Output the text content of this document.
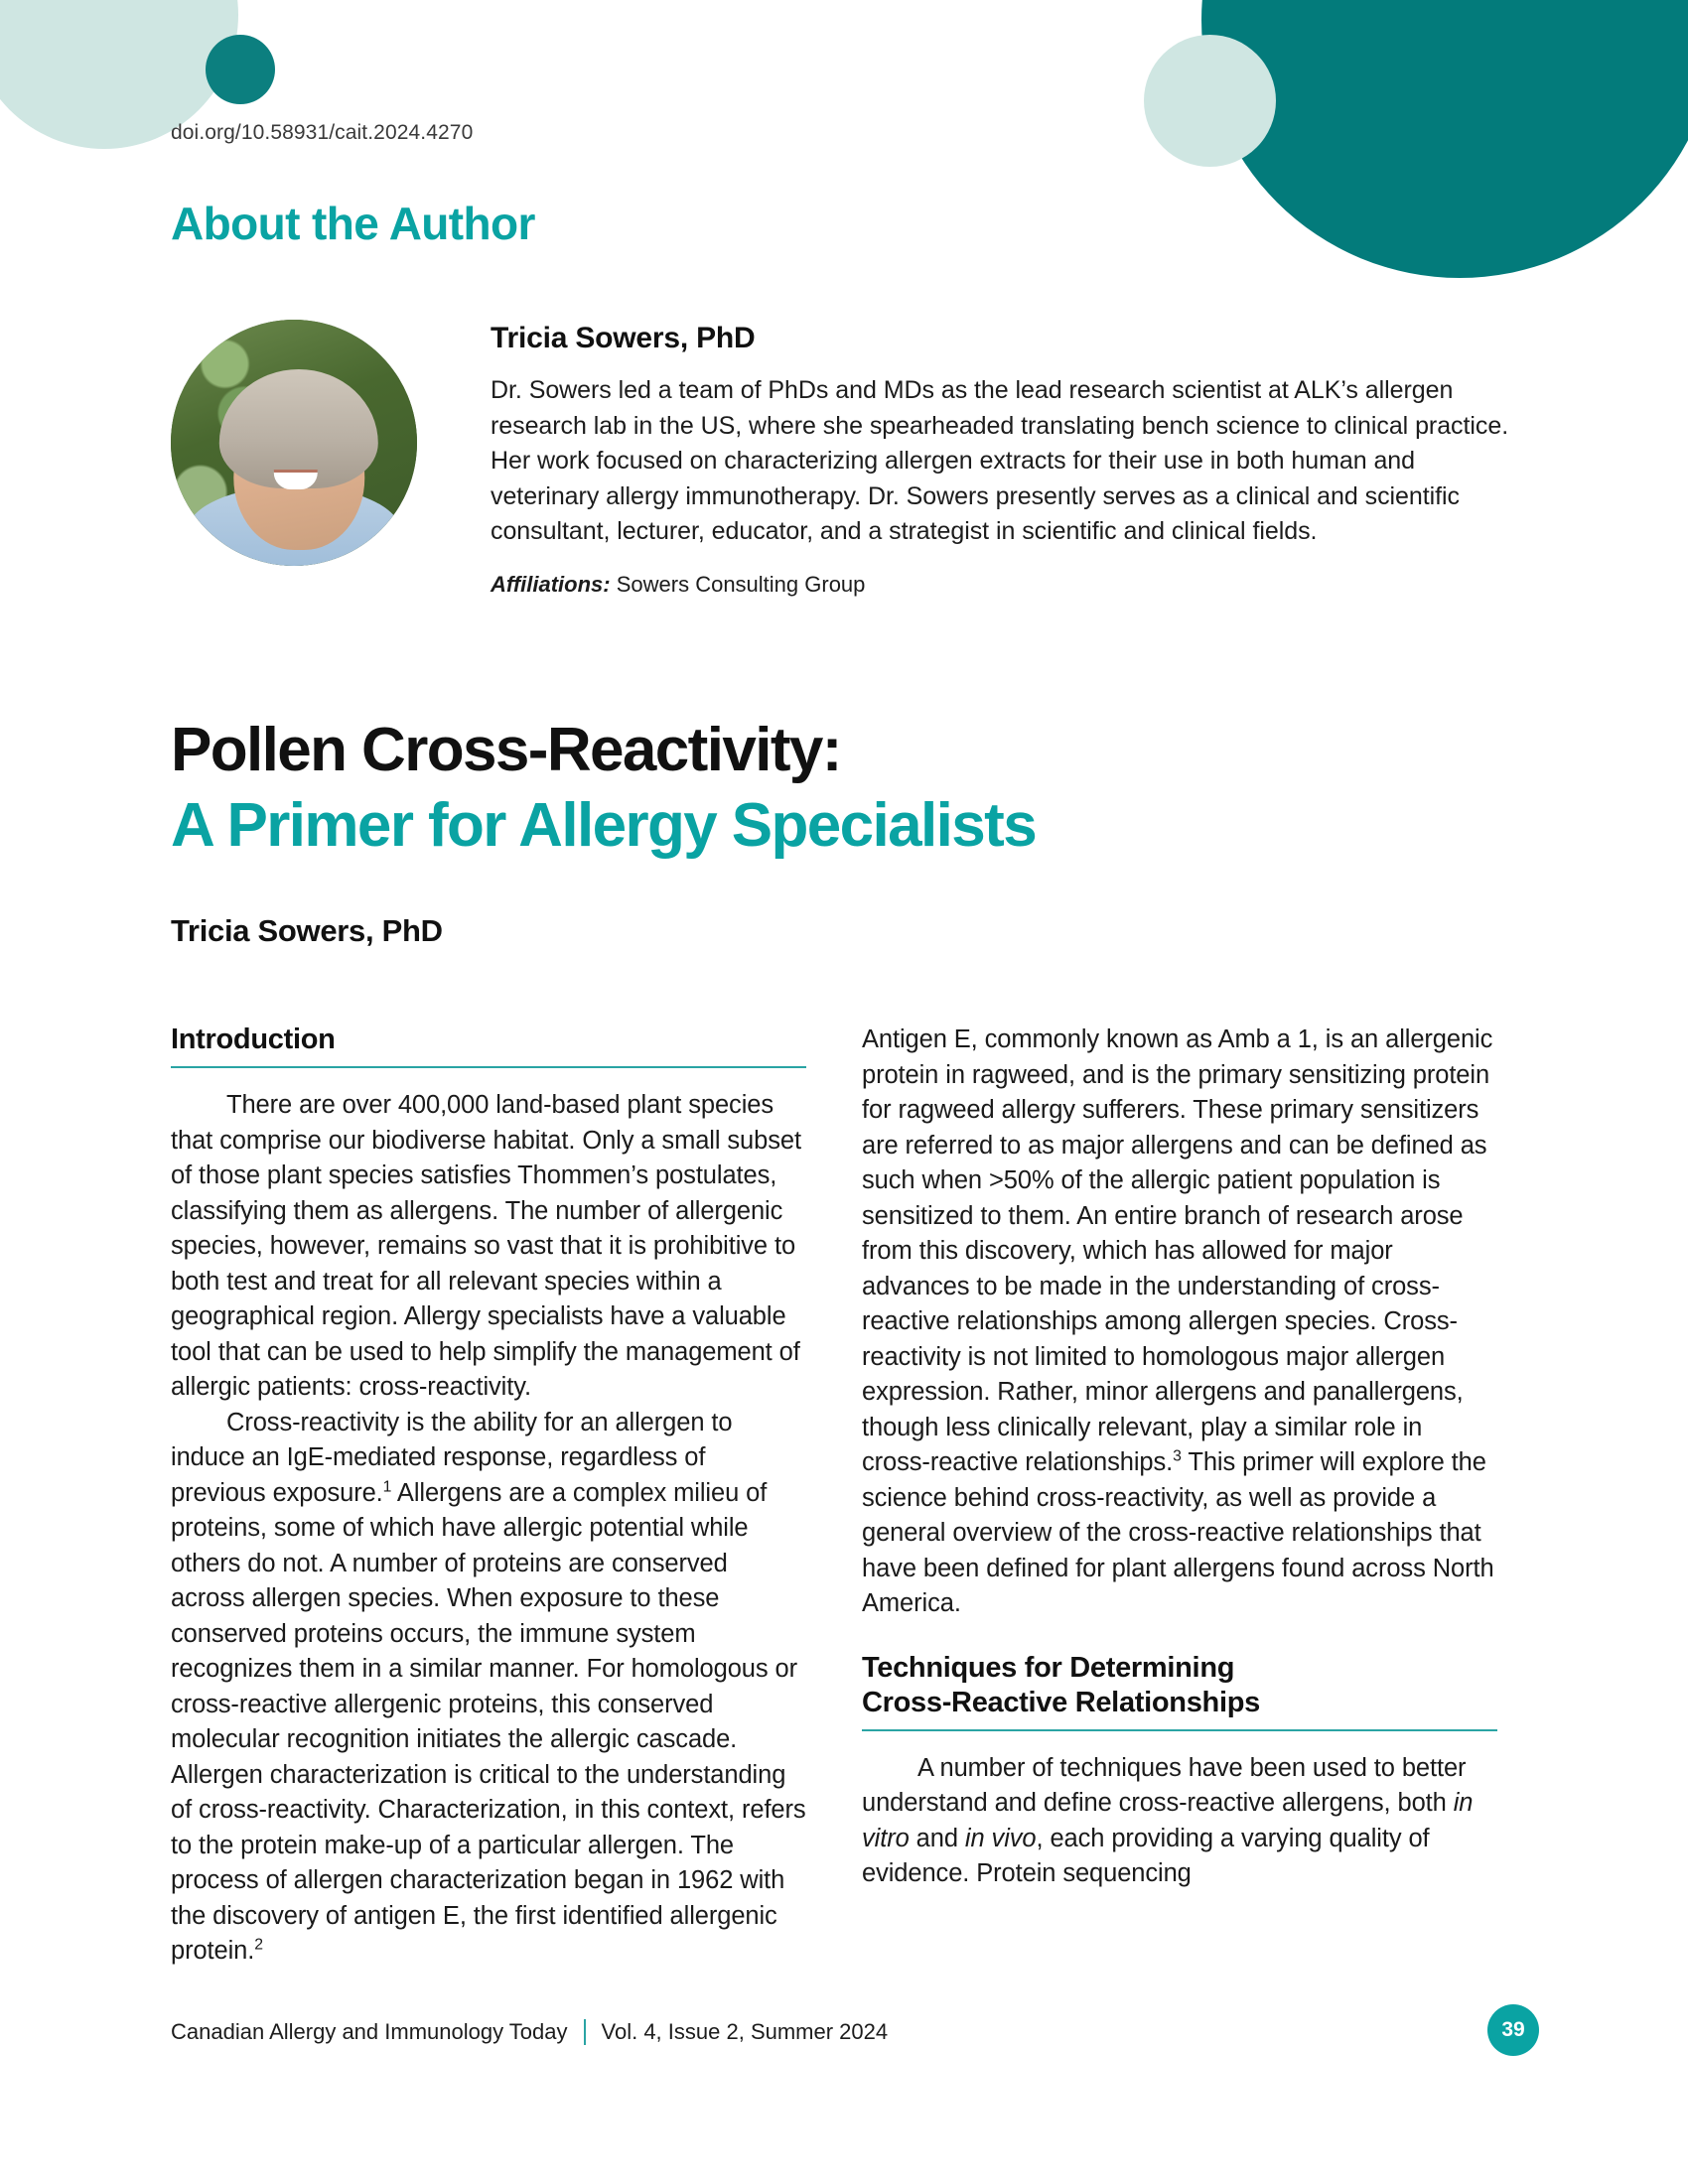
doi.org/10.58931/cait.2024.4270
About the Author
Tricia Sowers, PhD

Dr. Sowers led a team of PhDs and MDs as the lead research scientist at ALK’s allergen research lab in the US, where she spearheaded translating bench science to clinical practice. Her work focused on characterizing allergen extracts for their use in both human and veterinary allergy immunotherapy. Dr. Sowers presently serves as a clinical and scientific consultant, lecturer, educator, and a strategist in scientific and clinical fields.

Affiliations: Sowers Consulting Group
Pollen Cross-Reactivity:
A Primer for Allergy Specialists
Tricia Sowers, PhD
Introduction

There are over 400,000 land-based plant species that comprise our biodiverse habitat. Only a small subset of those plant species satisfies Thommen’s postulates, classifying them as allergens. The number of allergenic species, however, remains so vast that it is prohibitive to both test and treat for all relevant species within a geographical region. Allergy specialists have a valuable tool that can be used to help simplify the management of allergic patients: cross-reactivity.

Cross-reactivity is the ability for an allergen to induce an IgE-mediated response, regardless of previous exposure.$^1$ Allergens are a complex milieu of proteins, some of which have allergic potential while others do not. A number of proteins are conserved across allergen species. When exposure to these conserved proteins occurs, the immune system recognizes them in a similar manner. For homologous or cross-reactive allergenic proteins, this conserved molecular recognition initiates the allergic cascade. Allergen characterization is critical to the understanding of cross-reactivity. Characterization, in this context, refers to the protein make-up of a particular allergen. The process of allergen characterization began in 1962 with the discovery of antigen E, the first identified allergenic protein.$^2$

Antigen E, commonly known as Amb a 1, is an allergenic protein in ragweed, and is the primary sensitizing protein for ragweed allergy sufferers. These primary sensitizers are referred to as major allergens and can be defined as such when >50% of the allergic patient population is sensitized to them. An entire branch of research arose from this discovery, which has allowed for major advances to be made in the understanding of cross-reactive relationships among allergen species. Cross-reactivity is not limited to homologous major allergen expression. Rather, minor allergens and panallergens, though less clinically relevant, play a similar role in cross-reactive relationships.$^3$ This primer will explore the science behind cross-reactivity, as well as provide a general overview of the cross-reactive relationships that have been defined for plant allergens found across North America.

Techniques for Determining
Cross-Reactive Relationships

A number of techniques have been used to better understand and define cross-reactive allergens, both in vitro and in vivo, each providing a varying quality of evidence. Protein sequencing

Canadian Allergy and Immunology Today Vol. 4, Issue 2, Summer 2024	39
